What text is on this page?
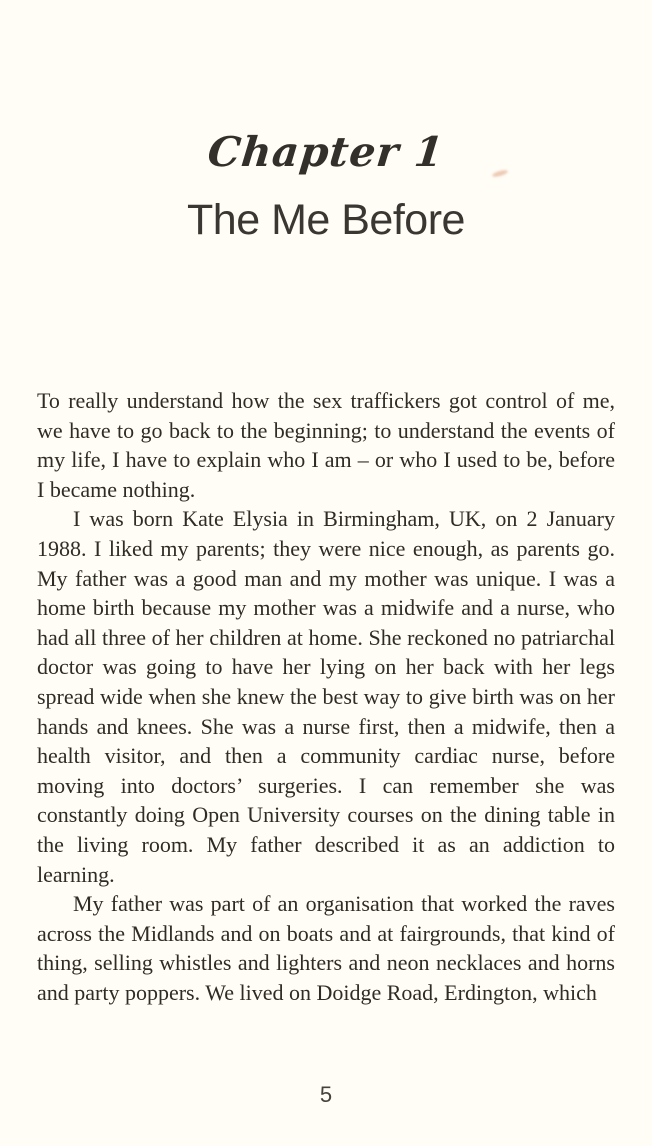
Chapter 1
The Me Before

To really understand how the sex traffickers got control of me, we have to go back to the beginning; to understand the events of my life, I have to explain who I am – or who I used to be, before I became nothing.

I was born Kate Elysia in Birmingham, UK, on 2 January 1988. I liked my parents; they were nice enough, as parents go. My father was a good man and my mother was unique. I was a home birth because my mother was a midwife and a nurse, who had all three of her children at home. She reckoned no patriarchal doctor was going to have her lying on her back with her legs spread wide when she knew the best way to give birth was on her hands and knees. She was a nurse first, then a midwife, then a health visitor, and then a community cardiac nurse, before moving into doctors’ surgeries. I can remember she was constantly doing Open University courses on the dining table in the living room. My father described it as an addiction to learning.

My father was part of an organisation that worked the raves across the Midlands and on boats and at fairgrounds, that kind of thing, selling whistles and lighters and neon necklaces and horns and party poppers. We lived on Doidge Road, Erdington, which

5
